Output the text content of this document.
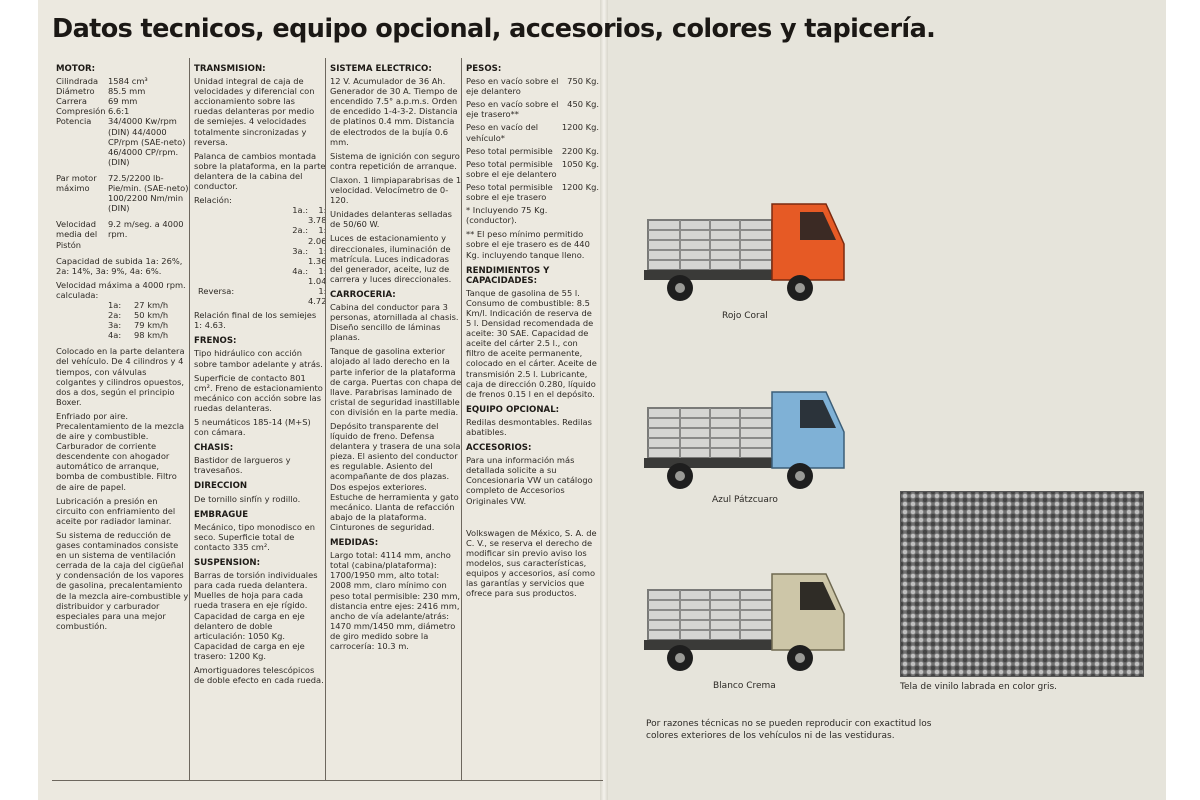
Datos tecnicos, equipo opcional, accesorios, colores y tapicería.
MOTOR:
Cilindrada	1584 cm³
Diámetro	85.5 mm
Carrera	69 mm
Compresión 6.6:1
Potencia	34/4000 Kw/rpm (DIN) 44/4000 CP/rpm (SAE-neto) 46/4000 CP/rpm. (DIN)
Par motor máximo
72.5/2200 lb-Pie/min. (SAE-neto) 100/2200 Nm/min (DIN)
Velocidad media del Pistón
9.2 m/seg. a 4000 rpm.

Capacidad de subida 1a: 26%, 2a: 14%, 3a: 9%, 4a: 6%.

Velocidad máxima a 4000 rpm. calculada:
1a:	27 km/h
2a:	50 km/h
3a:	79 km/h
4a:	98 km/h

Colocado en la parte delantera del vehículo. De 4 cilindros y 4 tiempos, con válvulas colgantes y cilindros opuestos, dos a dos, según el principio Boxer.

Enfriado por aire. Precalentamiento de la mezcla de aire y combustible. Carburador de corriente descendente con ahogador automático de arranque, bomba de combustible. Filtro de aire de papel.

Lubricación a presión en circuito con enfriamiento del aceite por radiador laminar.

Su sistema de reducción de gases contaminados consiste en un sistema de ventilación cerrada de la caja del cigüeñal y condensación de los vapores de gasolina, precalentamiento de la mezcla aire-combustible y distribuidor y carburador especiales para una mejor combustión.

TRANSMISION:

Unidad integral de caja de velocidades y diferencial con accionamiento sobre las ruedas delanteras por medio de semiejes. 4 velocidades totalmente sincronizadas y reversa.

Palanca de cambios montada sobre la plataforma, en la parte delantera de la cabina del conductor.

Relación:
1a.:	1: 3.78
2a.:	1: 2.06
3a.:	1: 1.36
4a.:	1: 1.04
Reversa:	1: 4.72

Relación final de los semiejes 1: 4.63.

FRENOS:

Tipo hidráulico con acción sobre tambor adelante y atrás.

Superficie de contacto 801 cm². Freno de estacionamiento mecánico con acción sobre las ruedas delanteras.

5 neumáticos 185-14 (M+S) con cámara.

CHASIS:

Bastidor de largueros y travesaños.

DIRECCION

De tornillo sinfín y rodillo.

EMBRAGUE

Mecánico, tipo monodisco en seco. Superficie total de contacto 335 cm².

SUSPENSION:

Barras de torsión individuales para cada rueda delantera. Muelles de hoja para cada rueda trasera en eje rígido. Capacidad de carga en eje delantero de doble articulación: 1050 Kg. Capacidad de carga en eje trasero: 1200 Kg.

Amortiguadores telescópicos de doble efecto en cada rueda.

SISTEMA ELECTRICO:

12 V. Acumulador de 36 Ah. Generador de 30 A. Tiempo de encendido 7.5° a.p.m.s. Orden de encedido 1-4-3-2. Distancia de platinos 0.4 mm. Distancia de electrodos de la bujía 0.6 mm.

Sistema de ignición con seguro contra repetición de arranque.

Claxon. 1 limpiaparabrisas de 1 velocidad. Velocímetro de 0-120.

Unidades delanteras selladas de 50/60 W.

Luces de estacionamiento y direccionales, iluminación de matrícula. Luces indicadoras del generador, aceite, luz de carrera y luces direccionales.

CARROCERIA:

Cabina del conductor para 3 personas, atornillada al chasis. Diseño sencillo de láminas planas.

Tanque de gasolina exterior alojado al lado derecho en la parte inferior de la plataforma de carga. Puertas con chapa de llave. Parabrisas laminado de cristal de seguridad inastillable con división en la parte media.

Depósito transparente del líquido de freno. Defensa delantera y trasera de una sola pieza. El asiento del conductor es regulable. Asiento del acompañante de dos plazas. Dos espejos exteriores. Estuche de herramienta y gato mecánico. Llanta de refacción abajo de la plataforma. Cinturones de seguridad.

MEDIDAS:

Largo total: 4114 mm, ancho total (cabina/plataforma): 1700/1950 mm, alto total: 2008 mm, claro mínimo con peso total permisible: 230 mm, distancia entre ejes: 2416 mm, ancho de vía adelante/atrás: 1470 mm/1450 mm, diámetro de giro medido sobre la carrocería: 10.3 m.

PESOS:
Peso en vacío sobre el eje delantero
750 Kg.
Peso en vacío sobre el eje trasero**
450 Kg.
Peso en vacío del vehículo*
1200 Kg.
Peso total permisible	2200 Kg.
Peso total permisible sobre el eje delantero
1050 Kg.
Peso total permisible sobre el eje trasero
1200 Kg.

* Incluyendo 75 Kg. (conductor).

** El peso mínimo permitido sobre el eje trasero es de 440 Kg. incluyendo tanque lleno.

RENDIMIENTOS Y CAPACIDADES:

Tanque de gasolina de 55 l. Consumo de combustible: 8.5 Km/l. Indicación de reserva de 5 l. Densidad recomendada de aceite: 30 SAE. Capacidad de aceite del cárter 2.5 l., con filtro de aceite permanente, colocado en el cárter. Aceite de transmisión 2.5 l. Lubricante, caja de dirección 0.280, líquido de frenos 0.15 l en el depósito.

EQUIPO OPCIONAL:

Redilas desmontables. Redilas abatibles.

ACCESORIOS:

Para una información más detallada solicite a su Concesionaria VW un catálogo completo de Accesorios Originales VW.

Volkswagen de México, S. A. de C. V., se reserva el derecho de modificar sin previo aviso los modelos, sus características, equipos y accesorios, así como las garantías y servicios que ofrece para sus productos.

Rojo Coral
Azul Pátzcuaro
Blanco Crema	Tela de vinilo labrada en color gris.
Por razones técnicas no se pueden reproducir con exactitud los colores exteriores de los vehículos ni de las vestiduras.
